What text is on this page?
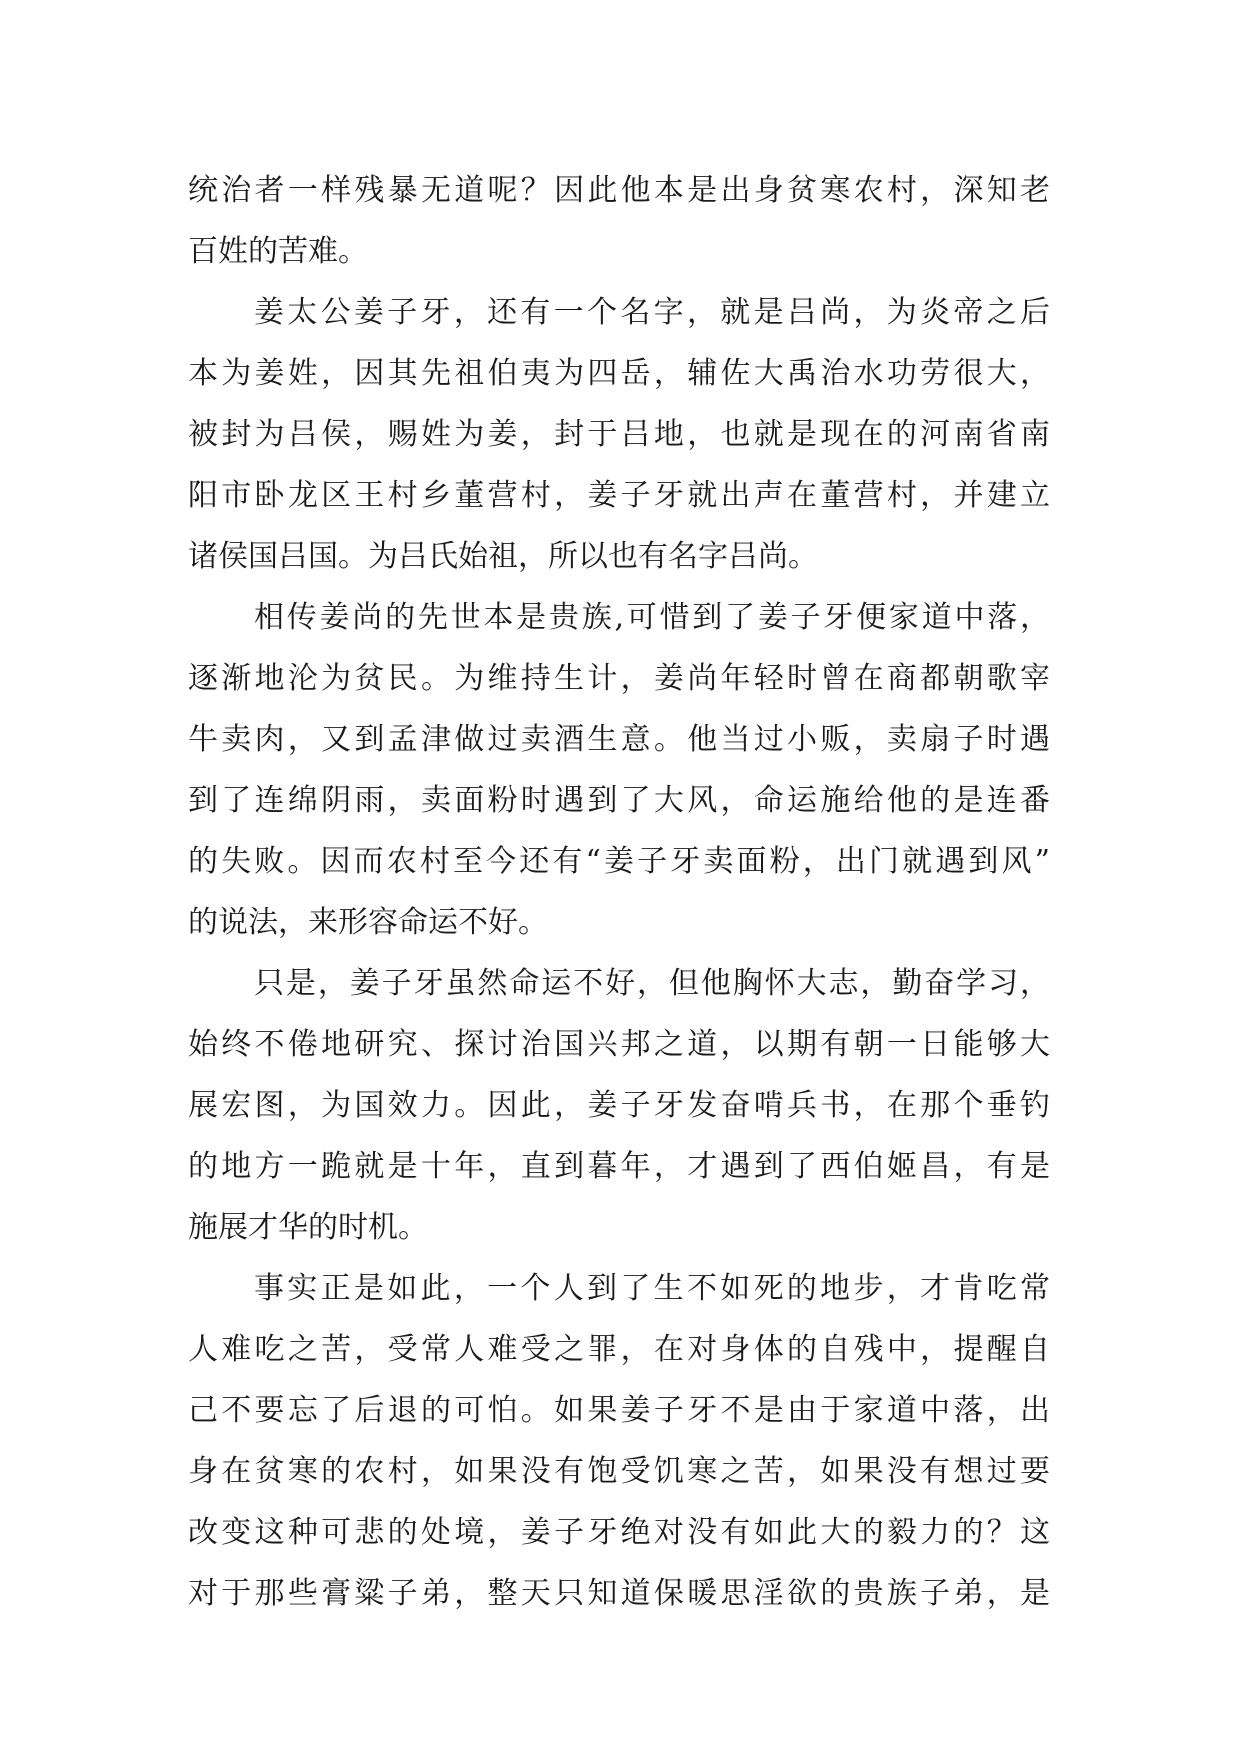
统治者一样残暴无道呢？因此他本是出身贫寒农村，深知老
百姓的苦难。
姜太公姜子牙，还有一个名字，就是吕尚，为炎帝之后
本为姜姓，因其先祖伯夷为四岳，辅佐大禹治水功劳很大，
被封为吕侯，赐姓为姜，封于吕地，也就是现在的河南省南
阳市卧龙区王村乡董营村，姜子牙就出声在董营村，并建立
诸侯国吕国。为吕氏始祖，所以也有名字吕尚。
相传姜尚的先世本是贵族,可惜到了姜子牙便家道中落，
逐渐地沦为贫民。为维持生计，姜尚年轻时曾在商都朝歌宰
牛卖肉，又到孟津做过卖酒生意。他当过小贩，卖扇子时遇
到了连绵阴雨，卖面粉时遇到了大风，命运施给他的是连番
的失败。因而农村至今还有“姜子牙卖面粉，出门就遇到风”
的说法，来形容命运不好。
只是，姜子牙虽然命运不好，但他胸怀大志，勤奋学习，
始终不倦地研究、探讨治国兴邦之道，以期有朝一日能够大
展宏图，为国效力。因此，姜子牙发奋啃兵书，在那个垂钓
的地方一跪就是十年，直到暮年，才遇到了西伯姬昌，有是
施展才华的时机。
事实正是如此，一个人到了生不如死的地步，才肯吃常
人难吃之苦，受常人难受之罪，在对身体的自残中，提醒自
己不要忘了后退的可怕。如果姜子牙不是由于家道中落，出
身在贫寒的农村，如果没有饱受饥寒之苦，如果没有想过要
改变这种可悲的处境，姜子牙绝对没有如此大的毅力的？这
对于那些膏粱子弟，整天只知道保暖思淫欲的贵族子弟，是
